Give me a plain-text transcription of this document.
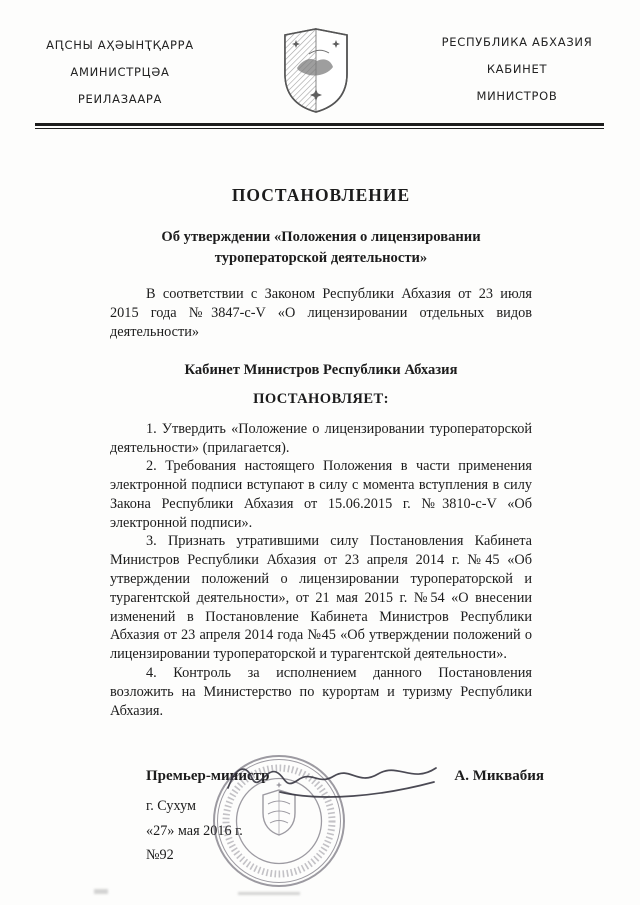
АԤСНЫ АҲӘЫНҬҚАРРА
АМИНИСТРЦӘА
РЕИЛАЗААРА
РЕСПУБЛИКА АБХАЗИЯ
КАБИНЕТ
МИНИСТРОВ
ПОСТАНОВЛЕНИЕ
Об утверждении «Положения о лицензировании туроператорской деятельности»

В соответствии с Законом Республики Абхазия от 23 июля 2015 года №3847-с-V «О лицензировании отдельных видов деятельности»

Кабинет Министров Республики Абхазия
ПОСТАНОВЛЯЕТ:

1. Утвердить «Положение о лицензировании туроператорской деятельности» (прилагается).

2. Требования настоящего Положения в части применения электронной подписи вступают в силу с момента вступления в силу Закона Республики Абхазия от 15.06.2015 г. №3810-с-V «Об электронной подписи».

3. Признать утратившими силу Постановления Кабинета Министров Республики Абхазия от 23 апреля 2014 г. №45 «Об утверждении положений о лицензировании туроператорской и турагентской деятельности», от 21 мая 2015 г. №54 «О внесении изменений в Постановление Кабинета Министров Республики Абхазия от 23 апреля 2014 года №45 «Об утверждении положений о лицензировании туроператорской и турагентской деятельности».

4. Контроль за исполнением данного Постановления возложить на Министерство по курортам и туризму Республики Абхазия.

Премьер-министр	А. Миквабия
г. Сухум
«27» мая 2016 г.
№92
